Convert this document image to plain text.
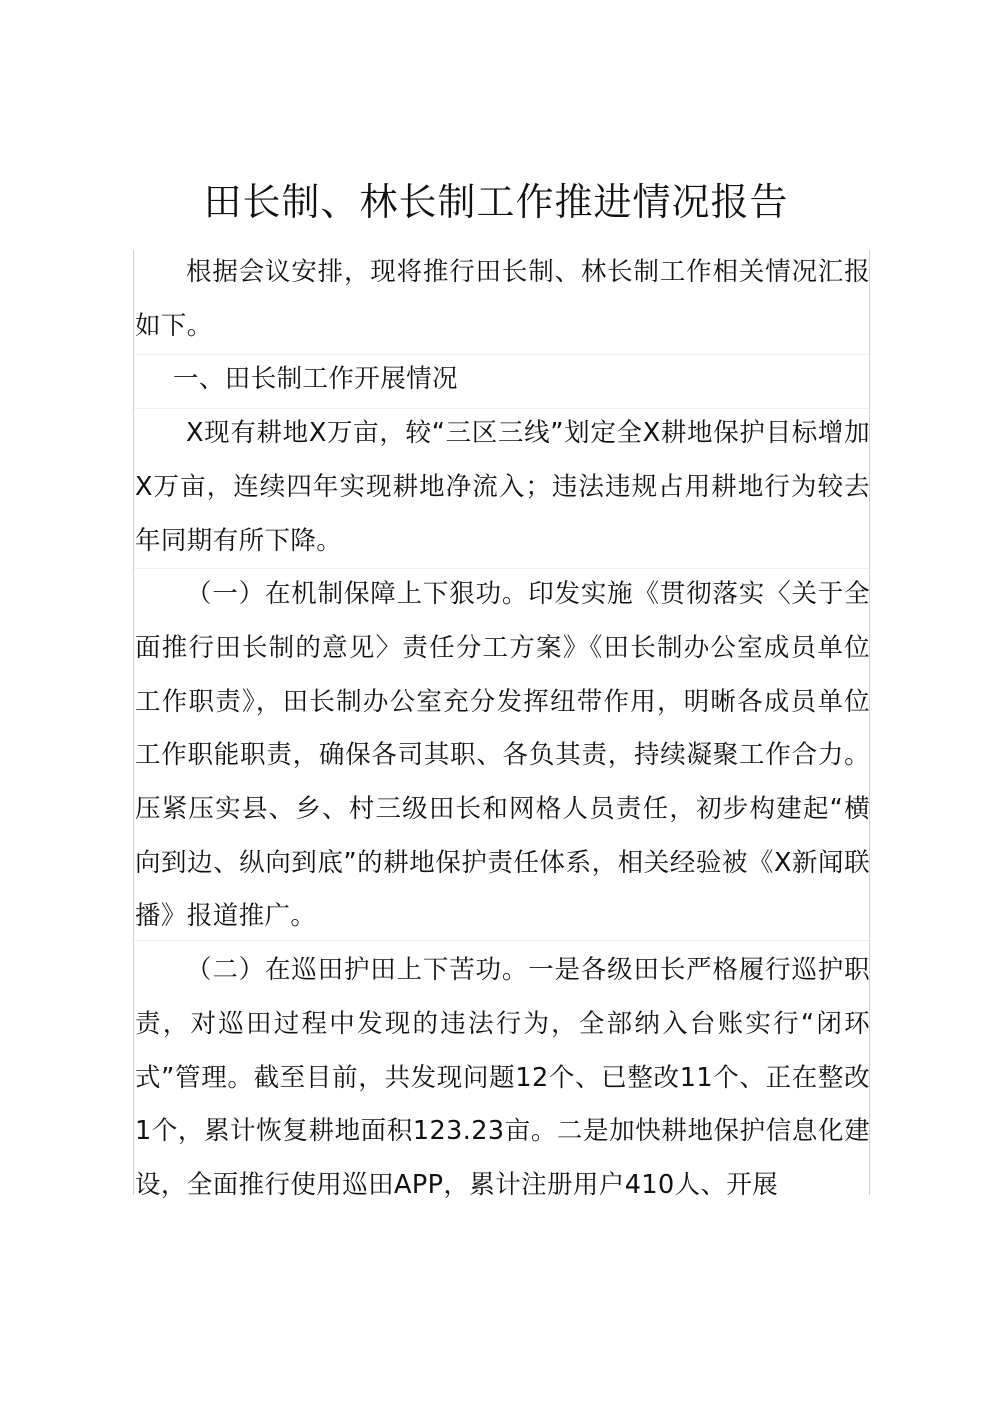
田长制、林长制工作推进情况报告

根据会议安排，现将推行田长制、林长制工作相关情况汇报如下。

一、田长制工作开展情况

X现有耕地X万亩，较“三区三线”划定全X耕地保护目标增加X万亩，连续四年实现耕地净流入；违法违规占用耕地行为较去年同期有所下降。

（一）在机制保障上下狠功。印发实施《贯彻落实〈关于全面推行田长制的意见〉责任分工方案》《田长制办公室成员单位工作职责》，田长制办公室充分发挥纽带作用，明晰各成员单位工作职能职责，确保各司其职、各负其责，持续凝聚工作合力。压紧压实县、乡、村三级田长和网格人员责任，初步构建起“横向到边、纵向到底”的耕地保护责任体系，相关经验被《X新闻联播》报道推广。

（二）在巡田护田上下苦功。一是各级田长严格履行巡护职责，对巡田过程中发现的违法行为，全部纳入台账实行“闭环式”管理。截至目前，共发现问题12个、已整改11个、正在整改1个，累计恢复耕地面积123.23亩。二是加快耕地保护信息化建设，全面推行使用巡田APP，累计注册用户410人、开展
